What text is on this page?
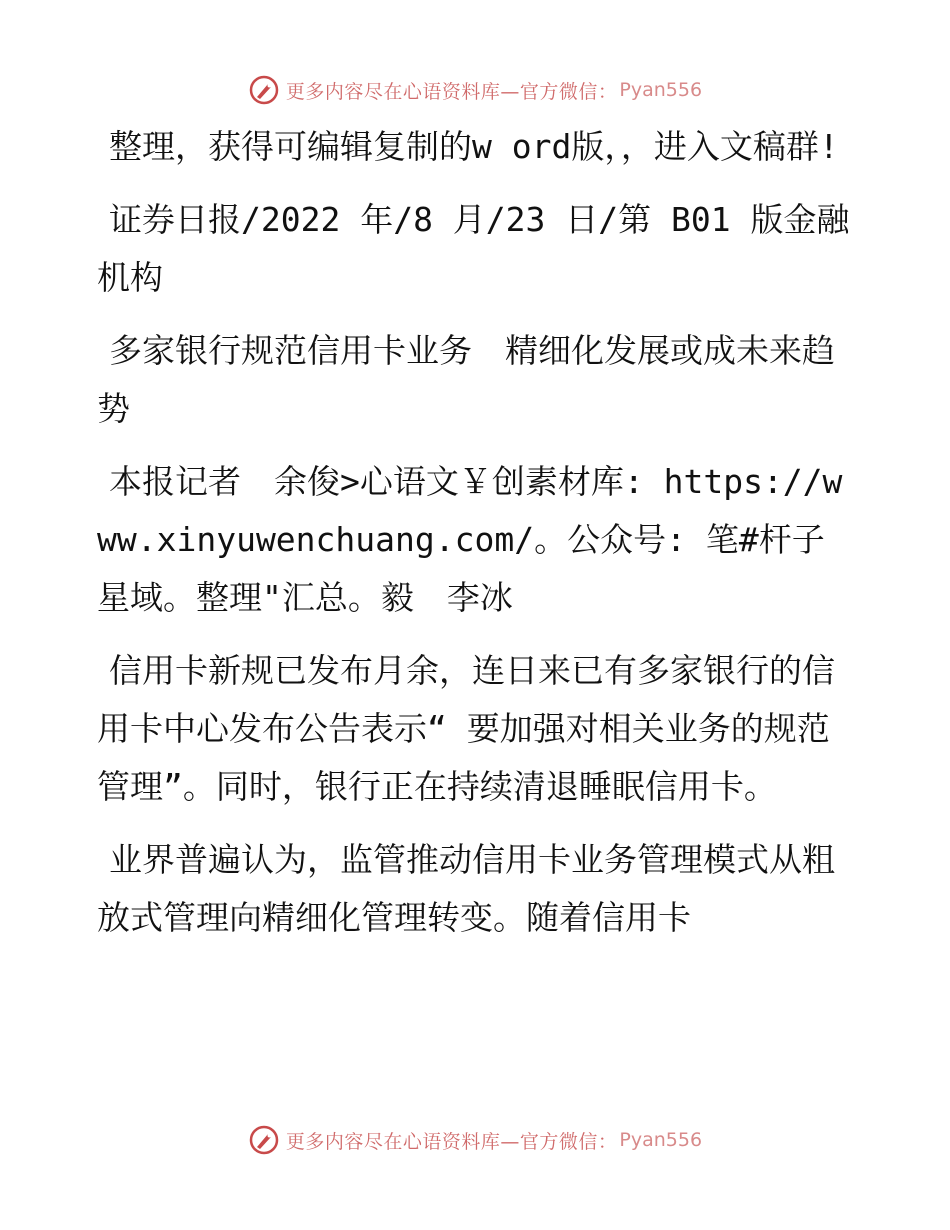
更多内容尽在心语资料库—官方微信： Pyan556

整理，获得可编辑复制的w ord版，，进入文稿群!

证券日报/2022 年/8 月/23 日/第 B01 版金融机构

多家银行规范信用卡业务　精细化发展或成未来趋势

本报记者　余俊>心语文￥创素材库: https://www.xinyuwenchuang.com/。公众号: 笔#杆子星域。整理"汇总。毅　李冰

信用卡新规已发布月余，连日来已有多家银行的信用卡中心发布公告表示“ 要加强对相关业务的规范管理”。同时，银行正在持续清退睡眠信用卡。

业界普遍认为，监管推动信用卡业务管理模式从粗放式管理向精细化管理转变。随着信用卡

更多内容尽在心语资料库—官方微信： Pyan556
